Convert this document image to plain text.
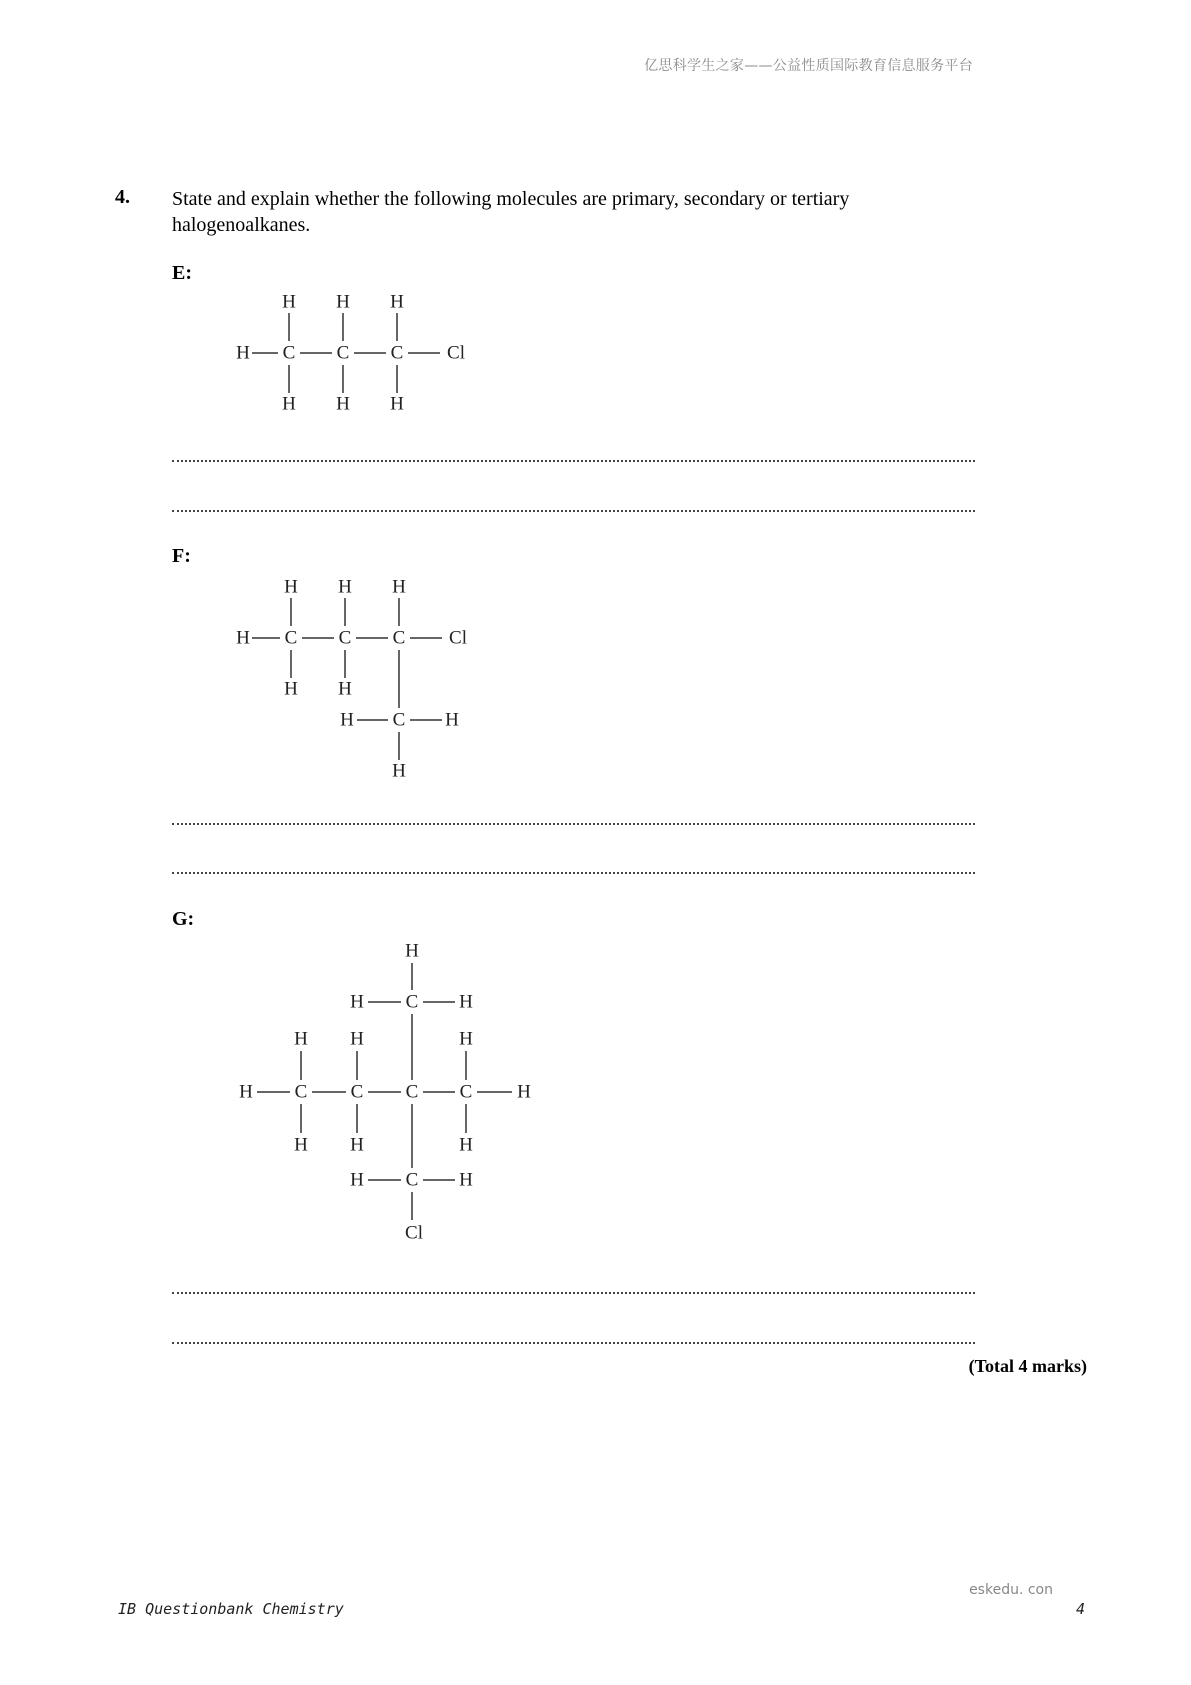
亿思科学生之家——公益性质国际教育信息服务平台
4. State and explain whether the following molecules are primary, secondary or tertiary halogenoalkanes.
E:
H C C C Cl
H H H
H H H
F:
H C C C Cl
H H H
H H
H C H
H
G:
H
H C H
H H	H
H C C C C H
H H	H
H C H
Cl
(Total 4 marks)
eskedu. con
IB Questionbank Chemistry	4
